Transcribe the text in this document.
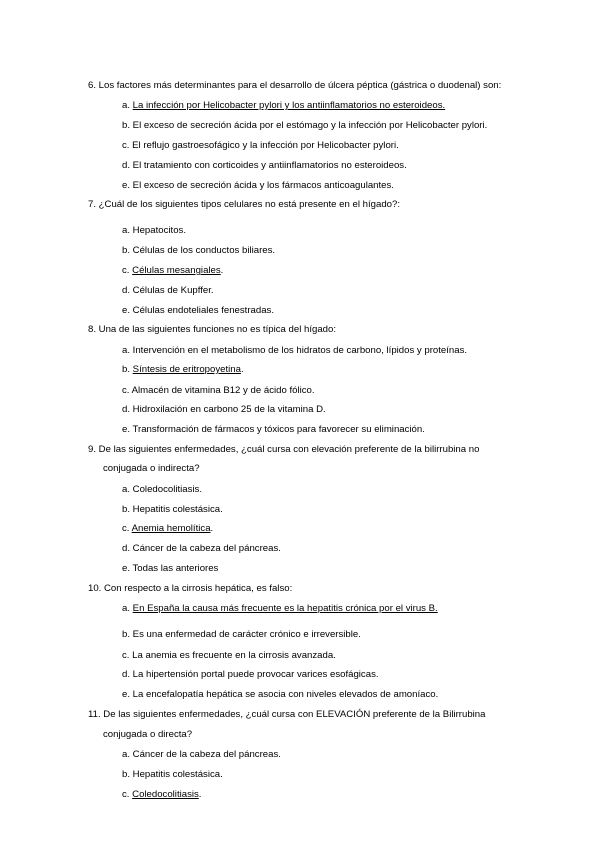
6. Los factores más determinantes para el desarrollo de úlcera péptica (gástrica o duodenal) son:
a. La infección por Helicobacter pylori y los antiinflamatorios no esteroideos.
b. El exceso de secreción ácida por el estómago y la infección por Helicobacter pylori.
c. El reflujo gastroesofágico y la infección por Helicobacter pylori.
d. El tratamiento con corticoides y antiinflamatorios no esteroideos.
e. El exceso de secreción ácida y los fármacos anticoagulantes.
7. ¿Cuál de los siguientes tipos celulares no está presente en el hígado?:
a. Hepatocitos.
b. Células de los conductos biliares.
c. Células mesangiales.
d. Células de Kupffer.
e. Células endoteliales fenestradas.
8. Una de las siguientes funciones no es típica del hígado:
a. Intervención en el metabolismo de los hidratos de carbono, lípidos y proteínas.
b. Síntesis de eritropoyetina.
c. Almacén de vitamina B12 y de ácido fólico.
d. Hidroxilación en carbono 25 de la vitamina D.
e. Transformación de fármacos y tóxicos para favorecer su eliminación.
9. De las siguientes enfermedades, ¿cuál cursa con elevación preferente de la bilirrubina no
conjugada o indirecta?
a. Coledocolitiasis.
b. Hepatitis colestásica.
c. Anemia hemolítica.
d. Cáncer de la cabeza del páncreas.
e. Todas las anteriores
10. Con respecto a la cirrosis hepática, es falso:
a. En España la causa más frecuente es la hepatitis crónica por el virus B.
b. Es una enfermedad de carácter crónico e irreversible.
c. La anemia es frecuente en la cirrosis avanzada.
d. La hipertensión portal puede provocar varices esofágicas.
e. La encefalopatía hepática se asocia con niveles elevados de amoníaco.
11. De las siguientes enfermedades, ¿cuál cursa con ELEVACIÓN preferente de la Bilirrubina
conjugada o directa?
a. Cáncer de la cabeza del páncreas.
b. Hepatitis colestásica.
c. Coledocolitiasis.
